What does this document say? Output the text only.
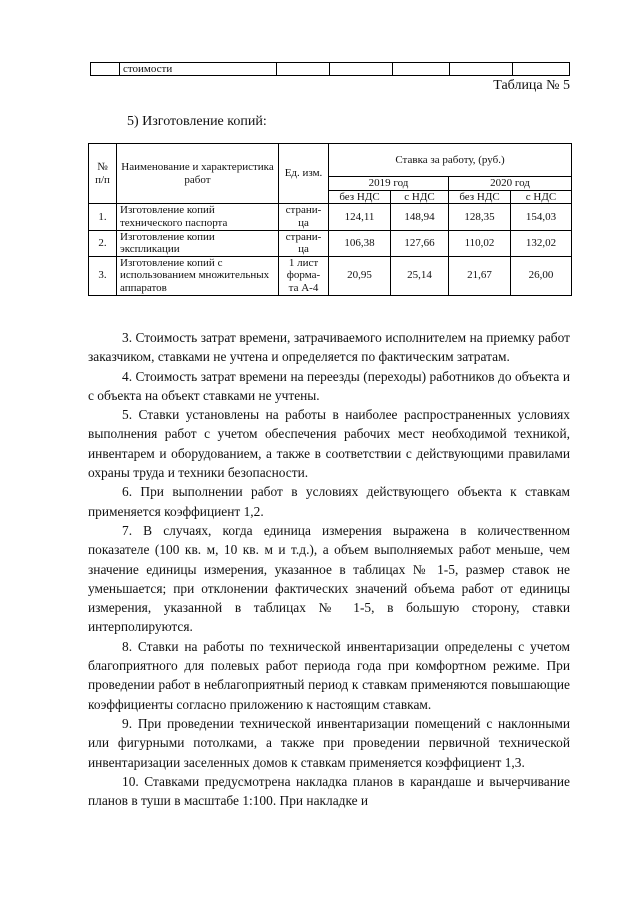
	стоимости					
Таблица № 5
5) Изготовление копий:
№ п/п	Наименование и характеристика работ	Ед. изм.	Ставка за работу, (руб.)			
			2019 год		2020 год	
			без НДС	с НДС	без НДС	с НДС
1.	Изготовление копий технического паспорта	страни-ца	124,11	148,94	128,35	154,03
2.	Изготовление копии экспликации	страни-ца	106,38	127,66	110,02	132,02
3.	Изготовление копий с использованием множительных аппаратов	1 лист форма-та А-4	20,95	25,14	21,67	26,00

3. Стоимость затрат времени, затрачиваемого исполнителем на приемку работ заказчиком, ставками не учтена и определяется по фактическим затратам.

4. Стоимость затрат времени на переезды (переходы) работников до объекта и с объекта на объект ставками не учтены.

5. Ставки установлены на работы в наиболее распространенных условиях выполнения работ с учетом обеспечения рабочих мест необходимой техникой, инвентарем и оборудованием, а также в соответствии с действующими правилами охраны труда и техники безопасности.

6. При выполнении работ в условиях действующего объекта к ставкам применяется коэффициент 1,2.

7. В случаях, когда единица измерения выражена в количественном показателе (100 кв. м, 10 кв. м и т.д.), а объем выполняемых работ меньше, чем значение единицы измерения, указанное в таблицах № 1-5, размер ставок не уменьшается; при отклонении фактических значений объема работ от единицы измерения, указанной в таблицах № 1-5, в большую сторону, ставки интерполируются.

8. Ставки на работы по технической инвентаризации определены с учетом благоприятного для полевых работ периода года при комфортном режиме. При проведении работ в неблагоприятный период к ставкам применяются повышающие коэффициенты согласно приложению к настоящим ставкам.

9. При проведении технической инвентаризации помещений с наклонными или фигурными потолками, а также при проведении первичной технической инвентаризации заселенных домов к ставкам применяется коэффициент 1,3.

10. Ставками предусмотрена накладка планов в карандаше и вычерчивание планов в туши в масштабе 1:100. При накладке и
